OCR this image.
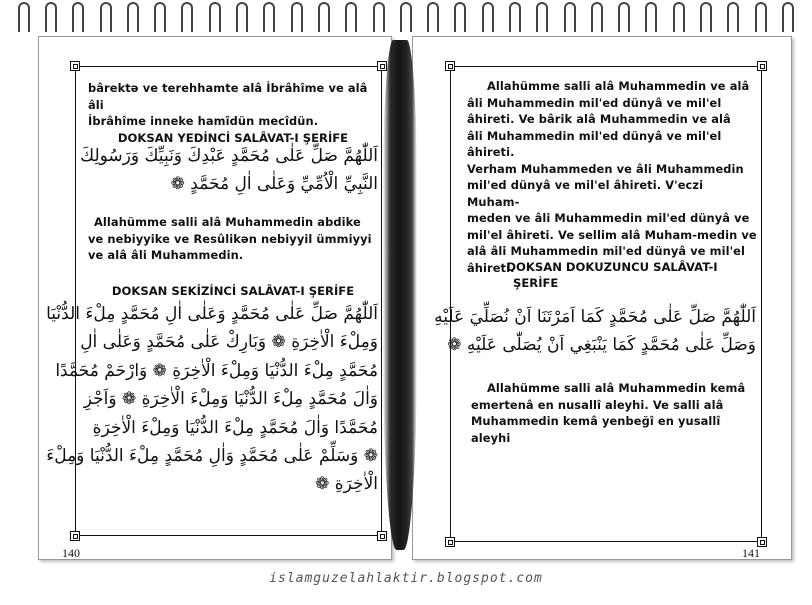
bârektə ve terehhamte alâ İbrâhîme ve alâ âli
İbrâhîme inneke hamîdün mecîdün.
DOKSAN YEDİNCİ SALÂVAT-I ŞERİFE
اَللّٰهُمَّ صَلِّ عَلٰى مُحَمَّدٍ عَبْدِكَ وَنَبِيِّكَ وَرَسُولِكَ
النَّبِيِّ الْاُمِّيِّ وَعَلٰى اٰلِ مُحَمَّدٍ ❁
Allahümme salli alâ Muhammedin abdike
ve nebiyyike ve Resûlikən nebiyyil ümmiyyi
ve alâ âli Muhammedin.
DOKSAN SEKİZİNCİ SALÂVAT-I ŞERİFE
اَللّٰهُمَّ صَلِّ عَلٰى مُحَمَّدٍ وَعَلٰى اٰلِ مُحَمَّدٍ مِلْءَ الدُّنْيَا
وَمِلْءَ الْاٰخِرَةِ ❁ وَبَارِكْ عَلٰى مُحَمَّدٍ وَعَلٰى اٰلِ
مُحَمَّدٍ مِلْءَ الدُّنْيَا وَمِلْءَ الْاٰخِرَةِ ❁ وَارْحَمْ مُحَمَّدًا
وَاٰلَ مُحَمَّدٍ مِلْءَ الدُّنْيَا وَمِلْءَ الْاٰخِرَةِ ❁ وَاَجْزِ
مُحَمَّدًا وَاٰلَ مُحَمَّدٍ مِلْءَ الدُّنْيَا وَمِلْءَ الْاٰخِرَةِ
❁ وَسَلِّمْ عَلٰى مُحَمَّدٍ وَاٰلِ مُحَمَّدٍ مِلْءَ الدُّنْيَا وَمِلْءَ
الْاٰخِرَةِ ❁
140
Allahümme salli alâ Muhammedin ve alâ
âli Muhammedin mil'ed dünyâ ve mil'el
âhireti. Ve bârik alâ Muhammedin ve alâ
âli Muhammedin mil'ed dünyâ ve mil'el âhireti.
Verham Muhammeden ve âli Muhammedin
mil'ed dünyâ ve mil'el âhireti. V'eczi Muham-
meden ve âli Muhammedin mil'ed dünyâ ve
mil'el âhireti. Ve sellim alâ Muham-medin ve
alâ âli Muhammedin mil'ed dünyâ ve mil'el
âhireti.
DOKSAN DOKUZUNCU SALÂVAT-I
ŞERİFE
اَللّٰهُمَّ صَلِّ عَلٰى مُحَمَّدٍ كَمَا اَمَرْتَنَا اَنْ نُصَلِّيَ عَلَيْهِ
وَصَلِّ عَلٰى مُحَمَّدٍ كَمَا يَنْبَغِي اَنْ يُصَلّٰى عَلَيْهِ ❁
Allahümme salli alâ Muhammedin kemâ
emertenâ en nusallî aleyhi. Ve salli alâ
Muhammedin kemâ yenbeğî en yusallî aleyhi
141
islamguzelahlaktir.blogspot.com
